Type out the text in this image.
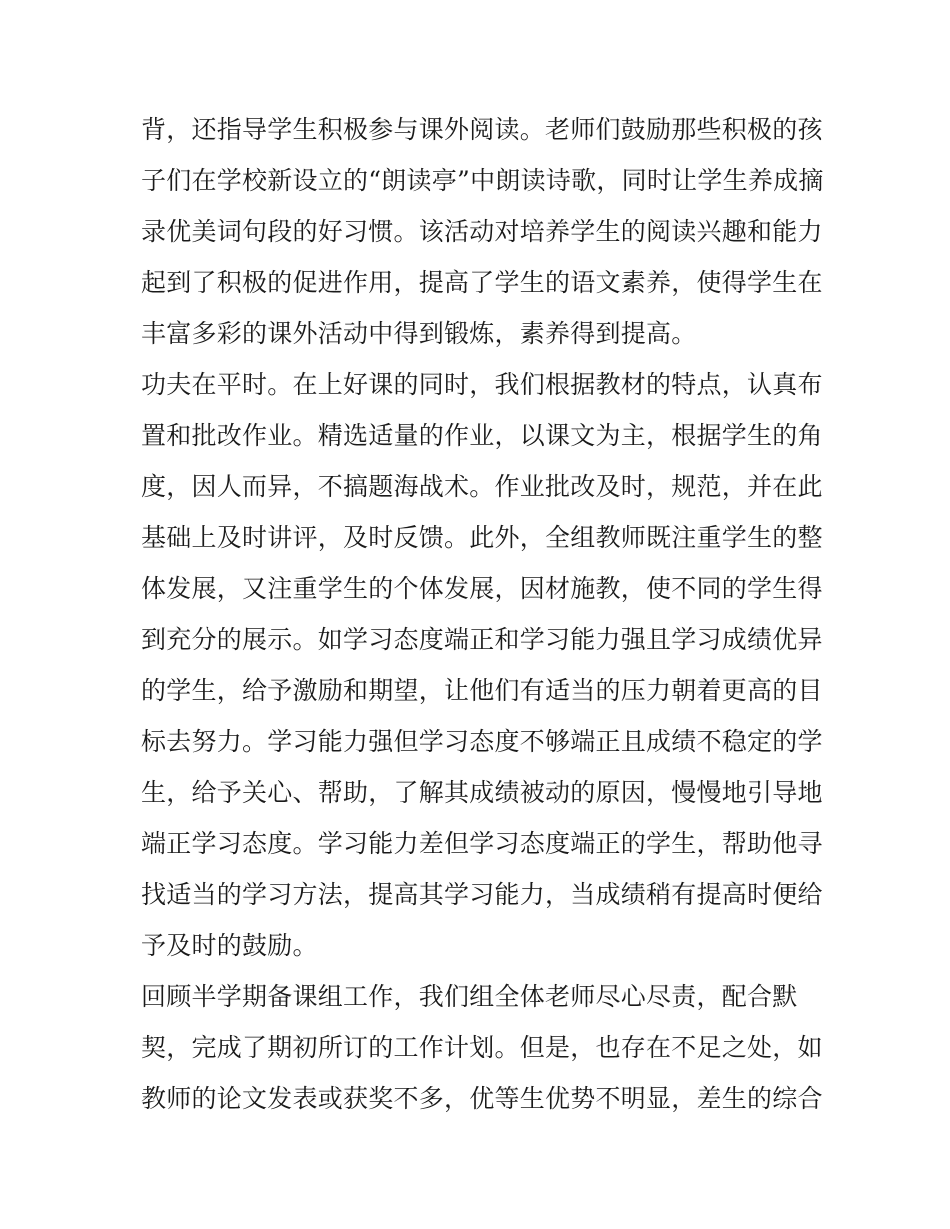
背，还指导学生积极参与课外阅读。老师们鼓励那些积极的孩
子们在学校新设立的“朗读亭”中朗读诗歌，同时让学生养成摘
录优美词句段的好习惯。该活动对培养学生的阅读兴趣和能力
起到了积极的促进作用，提高了学生的语文素养，使得学生在
丰富多彩的课外活动中得到锻炼，素养得到提高。
功夫在平时。在上好课的同时，我们根据教材的特点，认真布
置和批改作业。精选适量的作业，以课文为主，根据学生的角
度，因人而异，不搞题海战术。作业批改及时，规范，并在此
基础上及时讲评，及时反馈。此外，全组教师既注重学生的整
体发展，又注重学生的个体发展，因材施教，使不同的学生得
到充分的展示。如学习态度端正和学习能力强且学习成绩优异
的学生，给予激励和期望，让他们有适当的压力朝着更高的目
标去努力。学习能力强但学习态度不够端正且成绩不稳定的学
生，给予关心、帮助，了解其成绩被动的原因，慢慢地引导地
端正学习态度。学习能力差但学习态度端正的学生，帮助他寻
找适当的学习方法，提高其学习能力，当成绩稍有提高时便给
予及时的鼓励。
回顾半学期备课组工作，我们组全体老师尽心尽责，配合默
契，完成了期初所订的工作计划。但是，也存在不足之处，如
教师的论文发表或获奖不多，优等生优势不明显，差生的综合
